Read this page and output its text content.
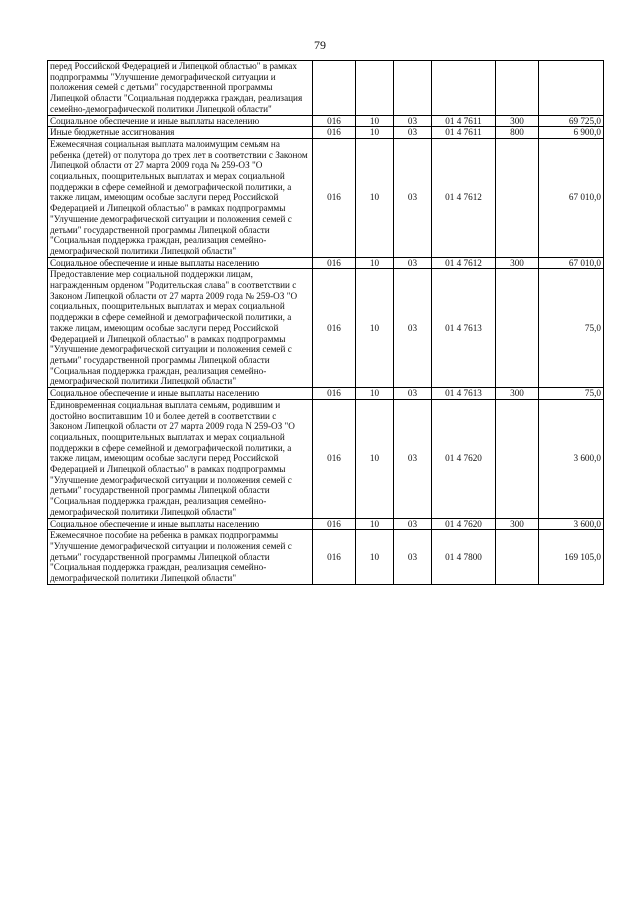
79
перед Российской Федерацией и Липецкой областью" в рамках подпрограммы "Улучшение демографической ситуации и положения семей с детьми" государственной программы Липецкой области "Социальная поддержка граждан, реализация семейно-демографической политики Липецкой области"						
Социальное обеспечение и иные выплаты населению	016	10	03	01 4 7611	300	69 725,0
Иные бюджетные ассигнования	016	10	03	01 4 7611	800	6 900,0
Ежемесячная социальная выплата малоимущим семьям на ребенка (детей) от полутора до трех лет в соответствии с Законом Липецкой области от 27 марта 2009 года № 259-ОЗ "О социальных, поощрительных выплатах и мерах социальной поддержки в сфере семейной и демографической политики, а также лицам, имеющим особые заслуги перед Российской Федерацией и Липецкой областью" в рамках подпрограммы "Улучшение демографической ситуации и положения семей с детьми" государственной программы Липецкой области "Социальная поддержка граждан, реализация семейно-демографической политики Липецкой области"	016	10	03	01 4 7612		67 010,0
Социальное обеспечение и иные выплаты населению	016	10	03	01 4 7612	300	67 010,0
Предоставление мер социальной поддержки лицам, награжденным орденом "Родительская слава" в соответствии с Законом Липецкой области от 27 марта 2009 года № 259-ОЗ "О социальных, поощрительных выплатах и мерах социальной поддержки в сфере семейной и демографической политики, а также лицам, имеющим особые заслуги перед Российской Федерацией и Липецкой областью" в рамках подпрограммы "Улучшение демографической ситуации и положения семей с детьми" государственной программы Липецкой области "Социальная поддержка граждан, реализация семейно-демографической политики Липецкой области"	016	10	03	01 4 7613		75,0
Социальное обеспечение и иные выплаты населению	016	10	03	01 4 7613	300	75,0
Единовременная социальная выплата семьям, родившим и достойно воспитавшим 10 и более детей в соответствии с Законом Липецкой области от 27 марта 2009 года N 259-ОЗ "О социальных, поощрительных выплатах и мерах социальной поддержки в сфере семейной и демографической политики, а также лицам, имеющим особые заслуги перед Российской Федерацией и Липецкой областью" в рамках подпрограммы "Улучшение демографической ситуации и положения семей с детьми" государственной программы Липецкой области "Социальная поддержка граждан, реализация семейно-демографической политики Липецкой области"	016	10	03	01 4 7620		3 600,0
Социальное обеспечение и иные выплаты населению	016	10	03	01 4 7620	300	3 600,0
Ежемесячное пособие на ребенка в рамках подпрограммы "Улучшение демографической ситуации и положения семей с детьми" государственной программы Липецкой области "Социальная поддержка граждан, реализация семейно-демографической политики Липецкой области"	016	10	03	01 4 7800		169 105,0
